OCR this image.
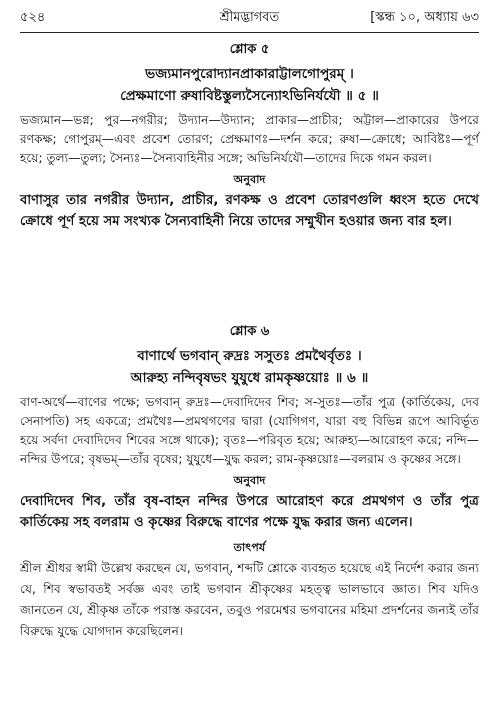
৫২৪	শ্রীমদ্ভাগবত	[স্কন্ধ ১০, অধ্যায় ৬৩
শ্লোক ৫
ভজ্যমানপুরোদ্যানপ্রাকারাট্টালগোপুরম্ ।
প্রেক্ষমাণো রুষাবিষ্টস্তুল্যসৈন্যোঽভিনির্যযৌ ॥ ৫ ॥
ভজ্যমান—ভগ্ন; পুর—নগরীর; উদ্যান—উদ্যান; প্রাকার—প্রাচীর; অট্টাল—প্রাকারের উপরে রণকক্ষ; গোপুরম্—এবং প্রবেশ তোরণ; প্রেক্ষমাণঃ—দর্শন করে; রুষা—ক্রোধে; আবিষ্টঃ—পূর্ণ হয়ে; তুল্য—তুল্য; সৈন্যঃ—সৈন্যবাহিনীর সঙ্গে; অভিনির্যযৌ—তাদের দিকে গমন করল।
অনুবাদ
বাণাসুর তার নগরীর উদ্যান, প্রাচীর, রণকক্ষ ও প্রবেশ তোরণগুলি ধ্বংস হতে দেখে ক্রোধে পূর্ণ হয়ে সম সংখ্যক সৈন্যবাহিনী নিয়ে তাদের সম্মুখীন হওয়ার জন্য বার হল।
শ্লোক ৬
বাণার্থে ভগবান্ রুদ্রঃ সসুতঃ প্রমথৈর্বৃতঃ ।
আরুহ্য নন্দিবৃষভং যুযুধে রামকৃষ্ণয়োঃ ॥ ৬ ॥
বাণ-অর্থে—বাণের পক্ষে; ভগবান্ রুদ্রঃ—দেবাদিদেব শিব; স-সুতঃ—তাঁর পুত্র (কার্তিকেয়, দেব সেনাপতি) সহ একত্রে; প্রমথৈঃ—প্রমথগণের দ্বারা (যোগিগণ, যারা বহু বিভিন্ন রূপে আবির্ভূত হয়ে সর্বদা দেবাদিদেব শিবের সঙ্গে থাকে); বৃতঃ—পরিবৃত হয়ে; আরুহ্য—আরোহণ করে; নন্দি—নন্দির উপরে; বৃষভম্—তাঁর বৃষের; যুযুধে—যুদ্ধ করল; রাম-কৃষ্ণয়োঃ—বলরাম ও কৃষ্ণের সঙ্গে।
অনুবাদ
দেবাদিদেব শিব, তাঁর বৃষ-বাহন নন্দির উপরে আরোহণ করে প্রমথগণ ও তাঁর পুত্র কার্তিকেয় সহ বলরাম ও কৃষ্ণের বিরুদ্ধে বাণের পক্ষে যুদ্ধ করার জন্য এলেন।
তাৎপর্য
শ্রীল শ্রীধর স্বামী উল্লেখ করছেন যে, ভগবান্, শব্দটি শ্লোকে ব্যবহৃত হয়েছে এই নির্দেশ করার জন্য যে, শিব স্বভাবতই সর্বজ্ঞ এবং তাই ভগবান শ্রীকৃষ্ণের মহত্ত্ব ভালভাবে জ্ঞাত। শিব যদিও জানতেন যে, শ্রীকৃষ্ণ তাঁকে পরাস্ত করবেন, তবুও পরমেশ্বর ভগবানের মহিমা প্রদর্শনের জন্যই তাঁর বিরুদ্ধে যুদ্ধে যোগদান করেছিলেন।
